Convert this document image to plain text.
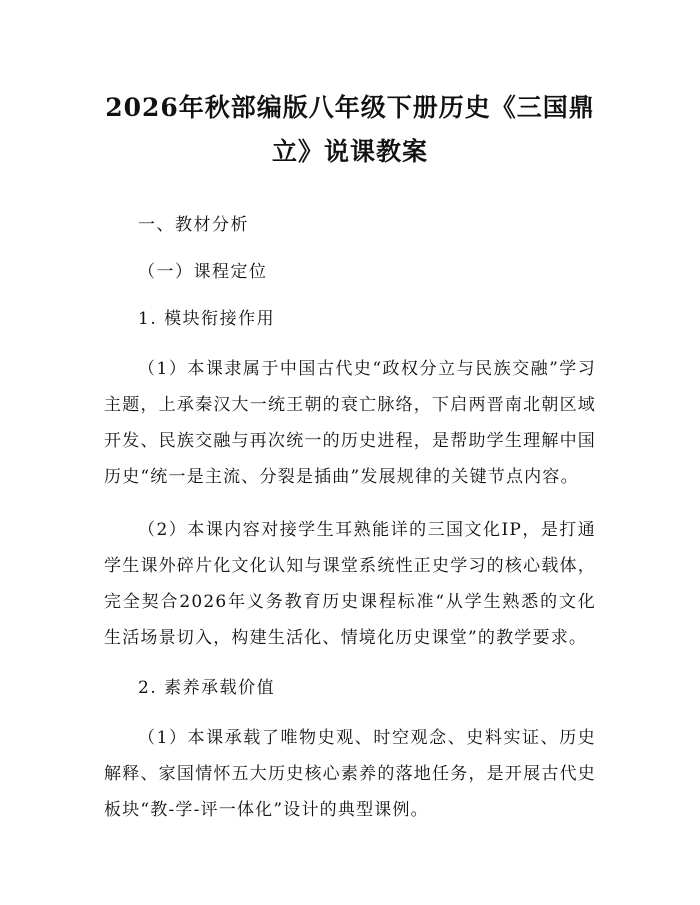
2026年秋部编版八年级下册历史《三国鼎
立》说课教案
一、教材分析
（一）课程定位
1. 模块衔接作用

（1）本课隶属于中国古代史“政权分立与民族交融”学习主题，上承秦汉大一统王朝的衰亡脉络，下启两晋南北朝区域开发、民族交融与再次统一的历史进程，是帮助学生理解中国历史“统一是主流、分裂是插曲”发展规律的关键节点内容。

（2）本课内容对接学生耳熟能详的三国文化IP，是打通学生课外碎片化文化认知与课堂系统性正史学习的核心载体，完全契合2026年义务教育历史课程标准“从学生熟悉的文化生活场景切入，构建生活化、情境化历史课堂”的教学要求。

2. 素养承载价值

（1）本课承载了唯物史观、时空观念、史料实证、历史解释、家国情怀五大历史核心素养的落地任务，是开展古代史板块“教-学-评一体化”设计的典型课例。
